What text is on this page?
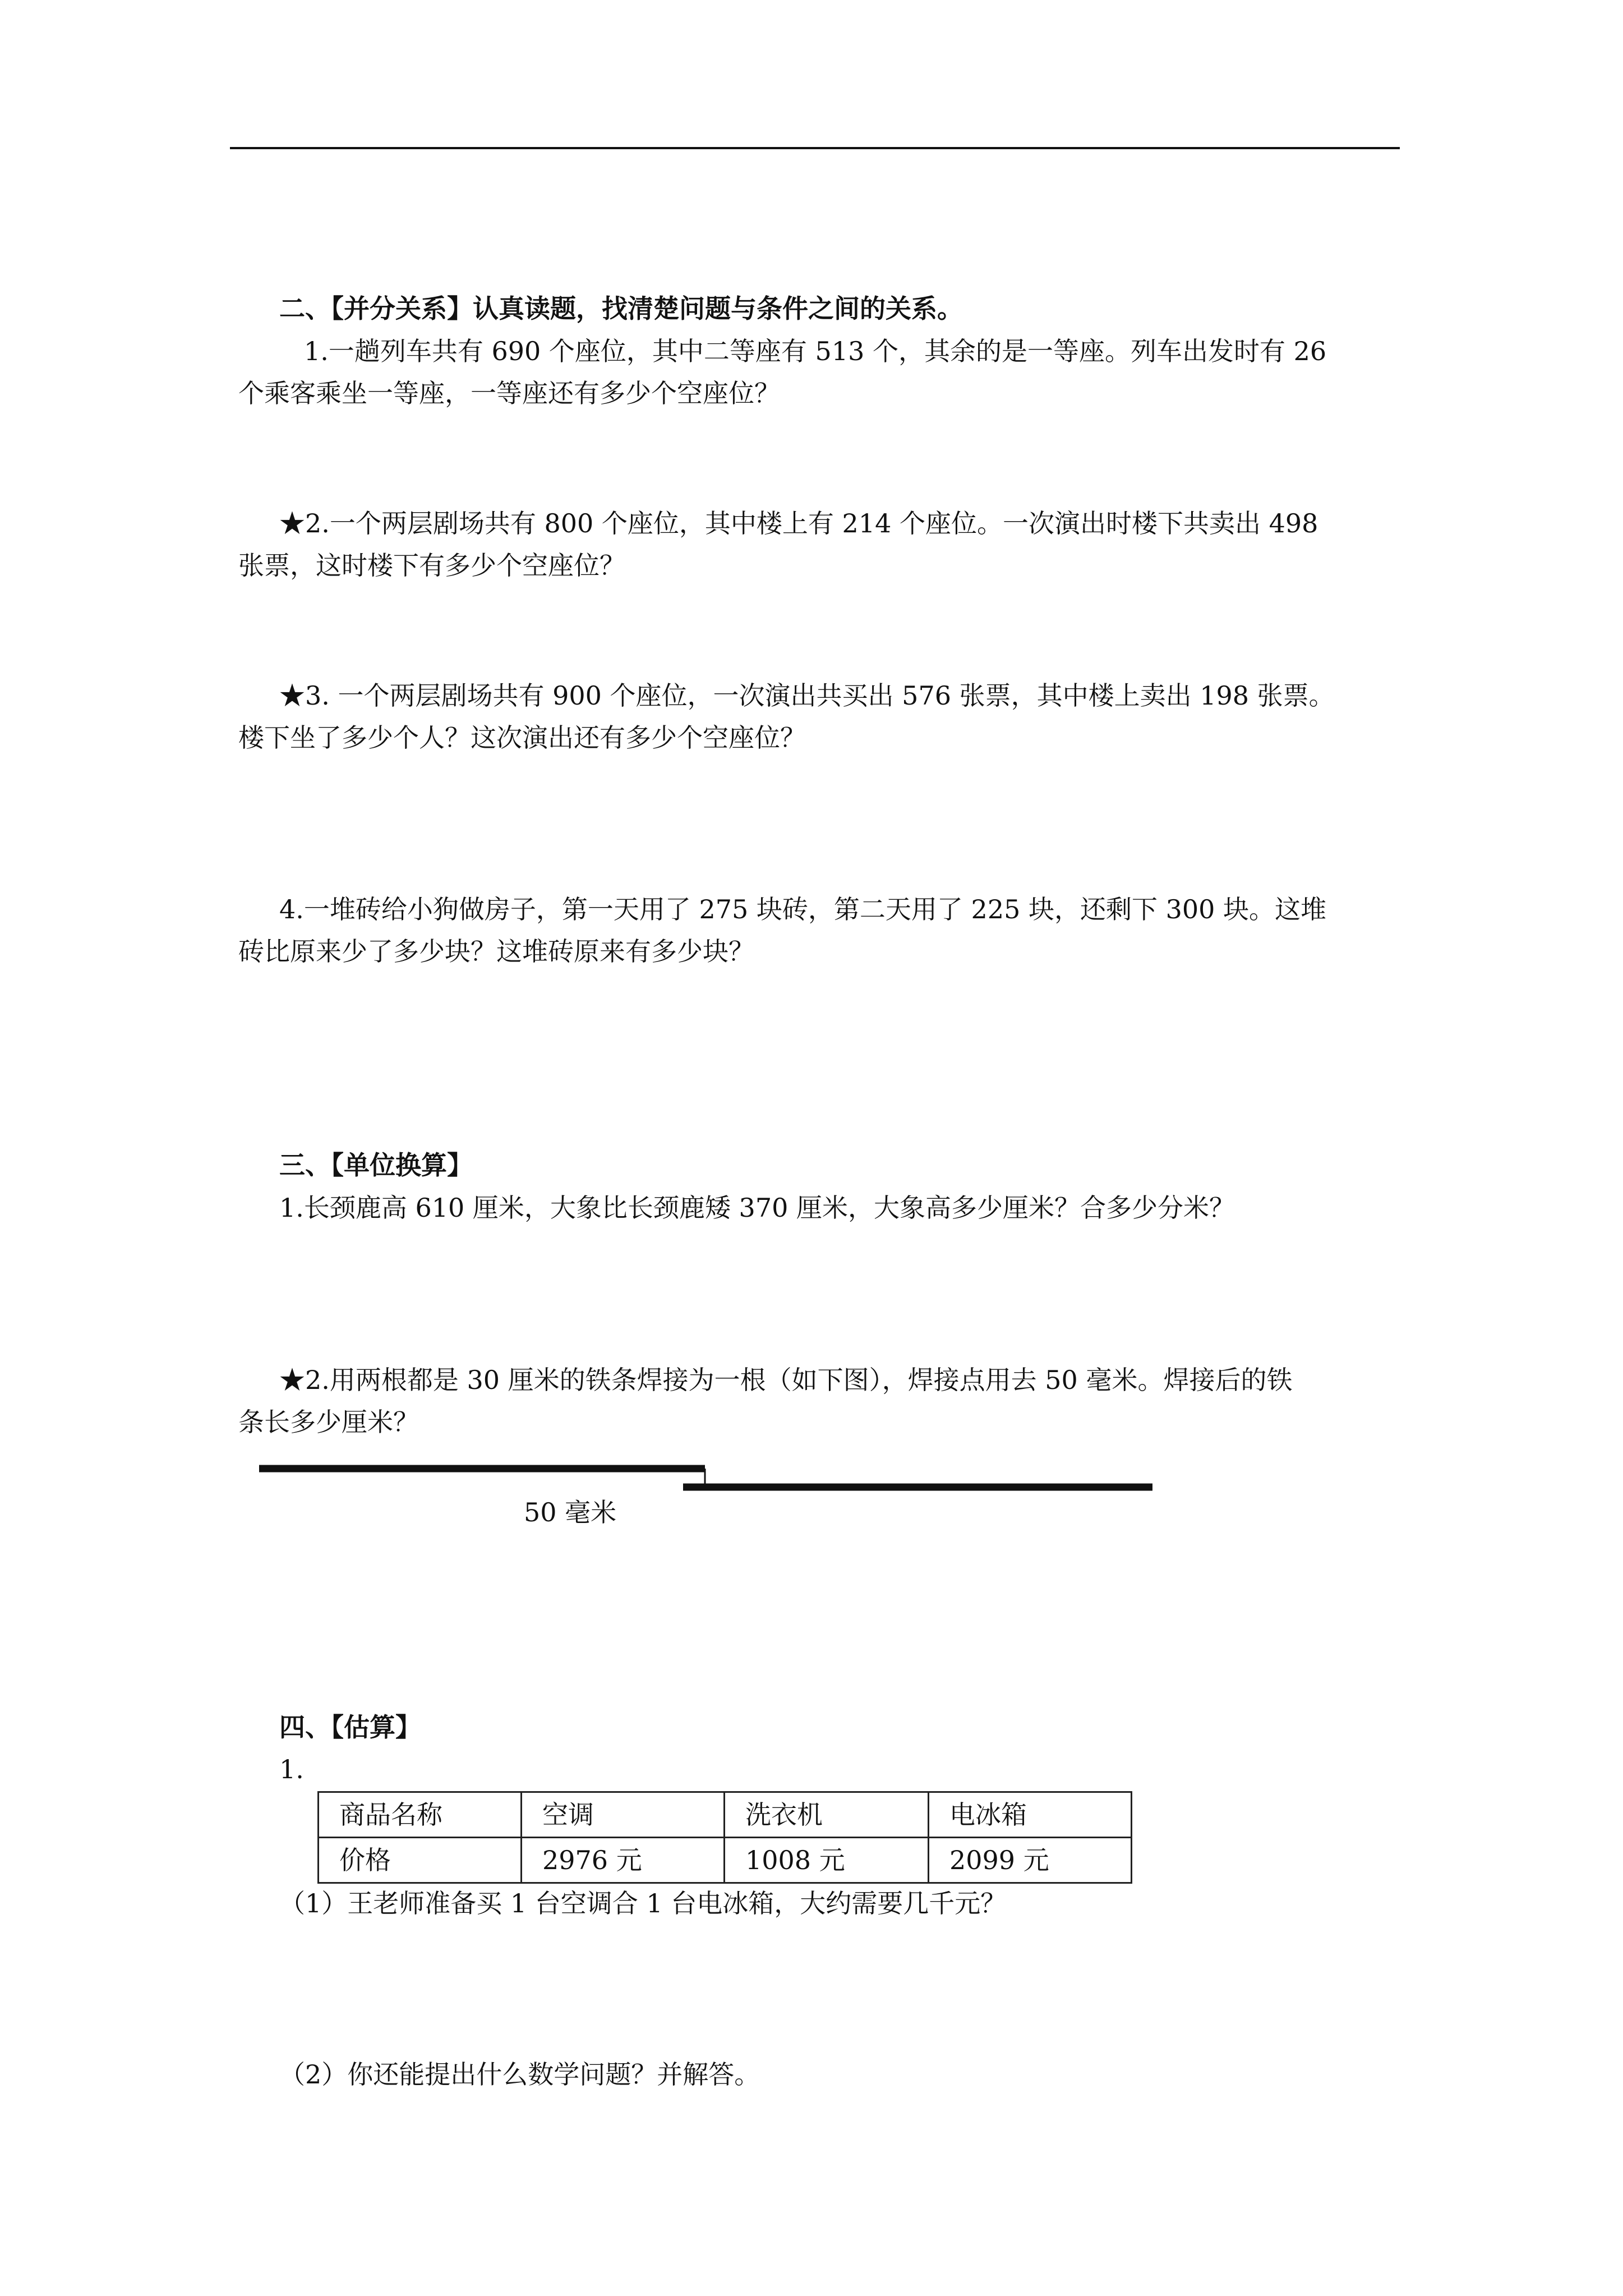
二、【并分关系】认真读题，找清楚问题与条件之间的关系。
1.一趟列车共有 690 个座位，其中二等座有 513 个，其余的是一等座。列车出发时有 26
个乘客乘坐一等座，一等座还有多少个空座位？
★2.一个两层剧场共有 800 个座位，其中楼上有 214 个座位。一次演出时楼下共卖出 498
张票，这时楼下有多少个空座位？
★3. 一个两层剧场共有 900 个座位，一次演出共买出 576 张票，其中楼上卖出 198 张票。
楼下坐了多少个人？这次演出还有多少个空座位？
4.一堆砖给小狗做房子，第一天用了 275 块砖，第二天用了 225 块，还剩下 300 块。这堆
砖比原来少了多少块？这堆砖原来有多少块？
三、【单位换算】
1.长颈鹿高 610 厘米，大象比长颈鹿矮 370 厘米，大象高多少厘米？合多少分米？
★2.用两根都是 30 厘米的铁条焊接为一根（如下图），焊接点用去 50 毫米。焊接后的铁
条长多少厘米？
50 毫米
四、【估算】
1.
商品名称	空调	洗衣机	电冰箱
价格	2976 元	1008 元	2099 元
（1）王老师准备买 1 台空调合 1 台电冰箱，大约需要几千元？
（2）你还能提出什么数学问题？并解答。
